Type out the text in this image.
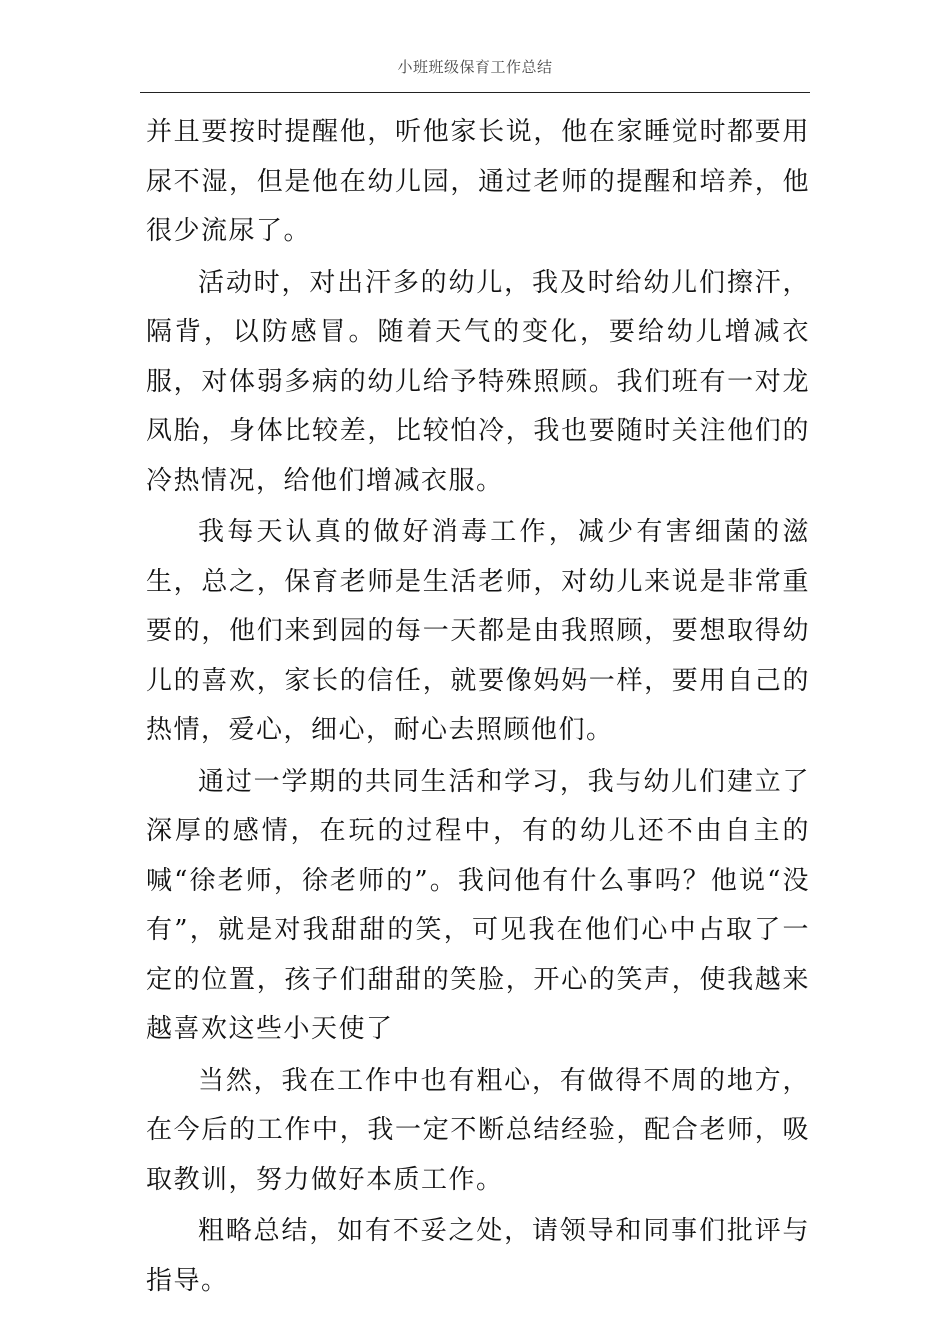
小班班级保育工作总结

并且要按时提醒他，听他家长说，他在家睡觉时都要用尿不湿，但是他在幼儿园，通过老师的提醒和培养，他很少流尿了。

活动时，对出汗多的幼儿，我及时给幼儿们擦汗，隔背，以防感冒。随着天气的变化，要给幼儿增减衣服，对体弱多病的幼儿给予特殊照顾。我们班有一对龙凤胎，身体比较差，比较怕冷，我也要随时关注他们的冷热情况，给他们增减衣服。

我每天认真的做好消毒工作，减少有害细菌的滋生，总之，保育老师是生活老师，对幼儿来说是非常重要的，他们来到园的每一天都是由我照顾，要想取得幼儿的喜欢，家长的信任，就要像妈妈一样，要用自己的热情，爱心，细心，耐心去照顾他们。

通过一学期的共同生活和学习，我与幼儿们建立了深厚的感情，在玩的过程中，有的幼儿还不由自主的喊“徐老师，徐老师的”。我问他有什么事吗？他说“没有”，就是对我甜甜的笑，可见我在他们心中占取了一定的位置，孩子们甜甜的笑脸，开心的笑声，使我越来越喜欢这些小天使了

当然，我在工作中也有粗心，有做得不周的地方，在今后的工作中，我一定不断总结经验，配合老师，吸取教训，努力做好本质工作。

粗略总结，如有不妥之处，请领导和同事们批评与指导。
